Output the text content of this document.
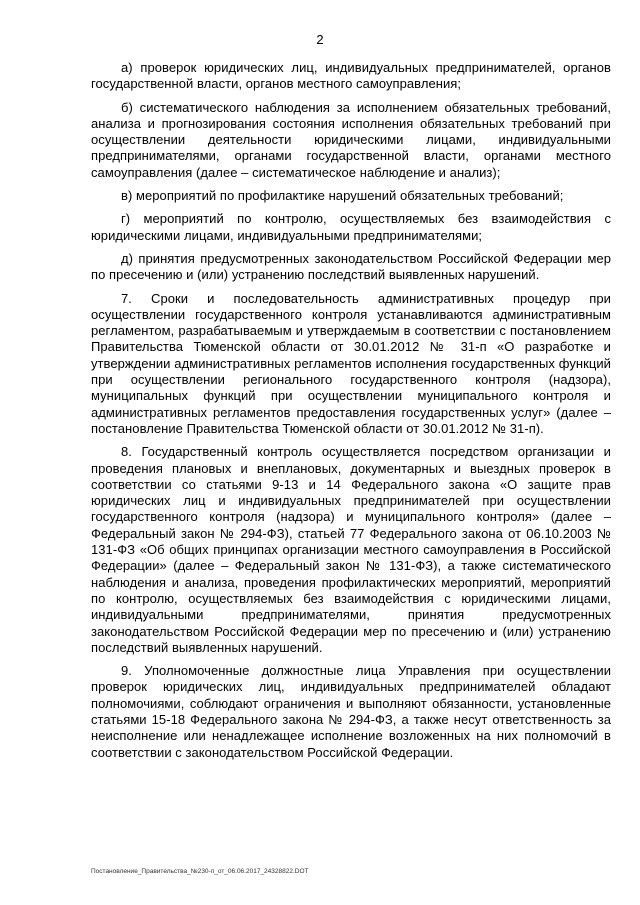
2

а) проверок юридических лиц, индивидуальных предпринимателей, органов государственной власти, органов местного самоуправления;

б) систематического наблюдения за исполнением обязательных требований, анализа и прогнозирования состояния исполнения обязательных требований при осуществлении деятельности юридическими лицами, индивидуальными предпринимателями, органами государственной власти, органами местного самоуправления (далее – систематическое наблюдение и анализ);

в) мероприятий по профилактике нарушений обязательных требований;

г) мероприятий по контролю, осуществляемых без взаимодействия с юридическими лицами, индивидуальными предпринимателями;

д) принятия предусмотренных законодательством Российской Федерации мер по пресечению и (или) устранению последствий выявленных нарушений.

7. Сроки и последовательность административных процедур при осуществлении государственного контроля устанавливаются административным регламентом, разрабатываемым и утверждаемым в соответствии с постановлением Правительства Тюменской области от 30.01.2012 № 31-п «О разработке и утверждении административных регламентов исполнения государственных функций при осуществлении регионального государственного контроля (надзора), муниципальных функций при осуществлении муниципального контроля и административных регламентов предоставления государственных услуг» (далее – постановление Правительства Тюменской области от 30.01.2012 № 31-п).

8. Государственный контроль осуществляется посредством организации и проведения плановых и внеплановых, документарных и выездных проверок в соответствии со статьями 9-13 и 14 Федерального закона «О защите прав юридических лиц и индивидуальных предпринимателей при осуществлении государственного контроля (надзора) и муниципального контроля» (далее – Федеральный закон № 294-ФЗ), статьей 77 Федерального закона от 06.10.2003 № 131-ФЗ «Об общих принципах организации местного самоуправления в Российской Федерации» (далее – Федеральный закон № 131-ФЗ), а также систематического наблюдения и анализа, проведения профилактических мероприятий, мероприятий по контролю, осуществляемых без взаимодействия с юридическими лицами, индивидуальными предпринимателями, принятия предусмотренных законодательством Российской Федерации мер по пресечению и (или) устранению последствий выявленных нарушений.

9. Уполномоченные должностные лица Управления при осуществлении проверок юридических лиц, индивидуальных предпринимателей обладают полномочиями, соблюдают ограничения и выполняют обязанности, установленные статьями 15-18 Федерального закона № 294-ФЗ, а также несут ответственность за неисполнение или ненадлежащее исполнение возложенных на них полномочий в соответствии с законодательством Российской Федерации.

Постановление_Правительства_№230-п_от_06.06.2017_24328822.DOT
